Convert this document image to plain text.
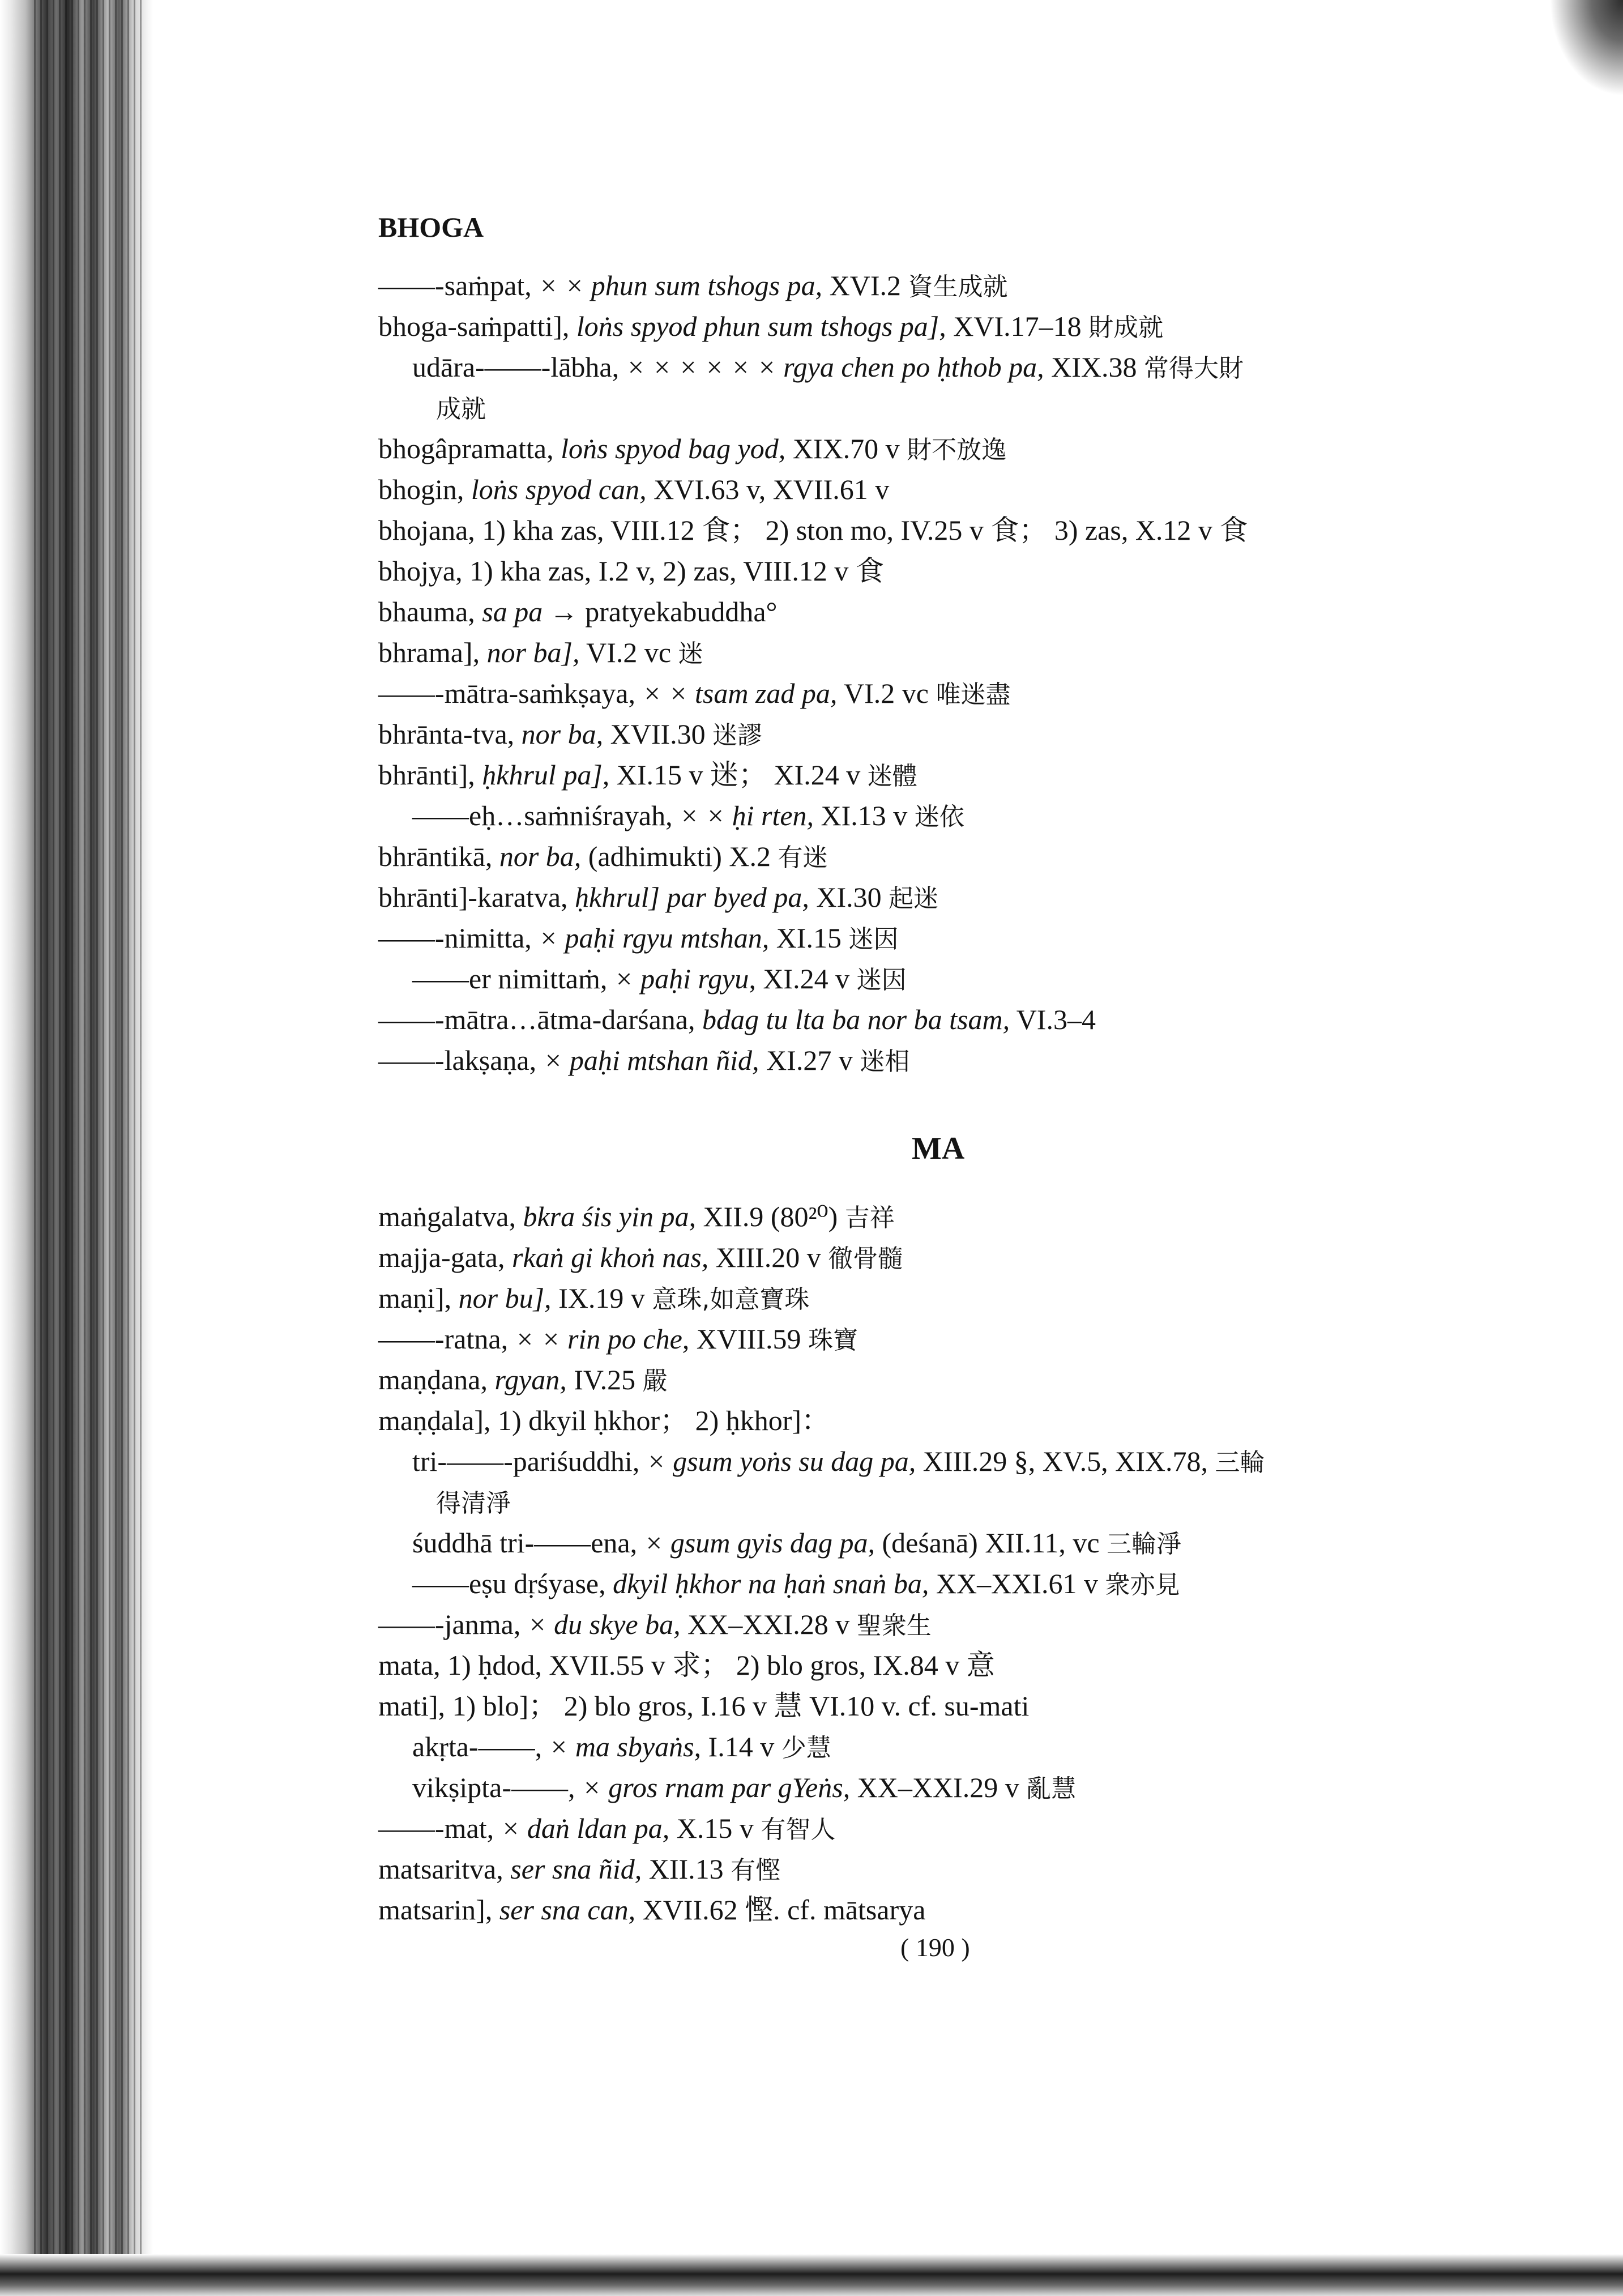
BHOGA
——-saṁpat, × × phun sum tshogs pa, XVI.2 資生成就
bhoga-saṁpatti], loṅs spyod phun sum tshogs pa], XVI.17–18 財成就
udāra-——-lābha, × × × × × × rgya chen po ḥthob pa, XIX.38 常得大財
成就
bhogâpramatta, loṅs spyod bag yod, XIX.70 v 財不放逸
bhogin, loṅs spyod can, XVI.63 v, XVII.61 v
bhojana, 1) kha zas, VIII.12 食； 2) ston mo, IV.25 v 食； 3) zas, X.12 v 食
bhojya, 1) kha zas, I.2 v, 2) zas, VIII.12 v 食
bhauma, sa pa → pratyekabuddha°
bhrama], nor ba], VI.2 vc 迷
——-mātra-saṁkṣaya, × × tsam zad pa, VI.2 vc 唯迷盡
bhrānta-tva, nor ba, XVII.30 迷謬
bhrānti], ḥkhrul pa], XI.15 v 迷； XI.24 v 迷體
——eḥ…saṁniśrayah, × × ḥi rten, XI.13 v 迷依
bhrāntikā, nor ba, (adhimukti) X.2 有迷
bhrānti]-karatva, ḥkhrul] par byed pa, XI.30 起迷
——-nimitta, × paḥi rgyu mtshan, XI.15 迷因
——er nimittaṁ, × paḥi rgyu, XI.24 v 迷因
——-mātra…ātma-darśana, bdag tu lta ba nor ba tsam, VI.3–4
——-lakṣaṇa, × paḥi mtshan ñid, XI.27 v 迷相
MA
maṅgalatva, bkra śis yin pa, XII.9 (80²⁰) 吉祥
majja-gata, rkaṅ gi khoṅ nas, XIII.20 v 徹骨髓
maṇi], nor bu], IX.19 v 意珠,如意寶珠
——-ratna, × × rin po che, XVIII.59 珠寶
maṇḍana, rgyan, IV.25 嚴
maṇḍala], 1) dkyil ḥkhor； 2) ḥkhor]：
tri-——-pariśuddhi, × gsum yoṅs su dag pa, XIII.29 §, XV.5, XIX.78, 三輪
得清淨
śuddhā tri-——ena, × gsum gyis dag pa, (deśanā) XII.11, vc 三輪淨
——eṣu dṛśyase, dkyil ḥkhor na ḥaṅ snaṅ ba, XX–XXI.61 v 衆亦見
——-janma, × du skye ba, XX–XXI.28 v 聖衆生
mata, 1) ḥdod, XVII.55 v 求； 2) blo gros, IX.84 v 意
mati], 1) blo]； 2) blo gros, I.16 v 慧 VI.10 v. cf. su-mati
akṛta-——, × ma sbyaṅs, I.14 v 少慧
vikṣipta-——, × gros rnam par gYeṅs, XX–XXI.29 v 亂慧
——-mat, × daṅ ldan pa, X.15 v 有智人
matsaritva, ser sna ñid, XII.13 有慳
matsarin], ser sna can, XVII.62 慳. cf. mātsarya
( 190 )
